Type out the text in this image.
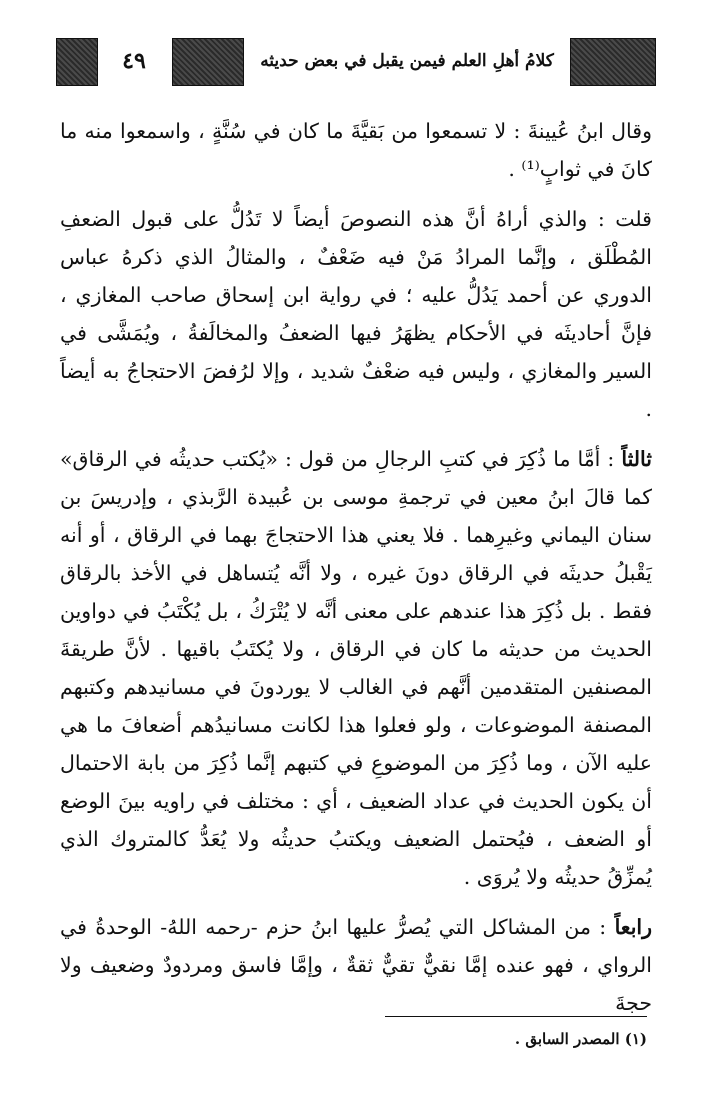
٤٩	كلامُ أهلِ العلم فيمن يقبل في بعض حديثه

وقال ابنُ عُيينةَ : لا تسمعوا من بَقيَّةَ ما كان في سُنَّةٍ ، واسمعوا منه ما كانَ في ثوابٍ⁽¹⁾ .

قلت : والذي أراهُ أنَّ هذه النصوصَ أيضاً لا تَدُلُّ على قبول الضعفِ المُطْلَق ، وإنَّما المرادُ مَنْ فيه ضَعْفٌ ، والمثالُ الذي ذكرهُ عباس الدوري عن أحمد يَدُلُّ عليه ؛ في رواية ابن إسحاق صاحب المغازي ، فإنَّ أحاديثَه في الأحكام يظهَرُ فيها الضعفُ والمخالَفةُ ، ويُمَشَّى في السير والمغازي ، وليس فيه ضعْفٌ شديد ، وإلا لرُفضَ الاحتجاجُ به أيضاً .

ثالثاً : أمَّا ما ذُكِرَ في كتبِ الرجالِ من قول : «يُكتب حديثُه في الرقاق» كما قالَ ابنُ معين في ترجمةِ موسى بن عُبيدة الرَّبذي ، وإدريسَ بن سنان اليماني وغيرِهما . فلا يعني هذا الاحتجاجَ بهما في الرقاق ، أو أنه يَقْبلُ حديثَه في الرقاق دونَ غيره ، ولا أنَّه يُتساهل في الأخذ بالرقاق فقط . بل ذُكِرَ هذا عندهم على معنى أنَّه لا يُتْرَكُ ، بل يُكْتَبُ في دواوين الحديث من حديثه ما كان في الرقاق ، ولا يُكتَبُ باقيها . لأنَّ طريقةَ المصنفين المتقدمين أنَّهم في الغالب لا يوردونَ في مسانيدهم وكتبهم المصنفة الموضوعات ، ولو فعلوا هذا لكانت مسانيدُهم أضعافَ ما هي عليه الآن ، وما ذُكِرَ من الموضوعِ في كتبهم إنَّما ذُكِرَ من بابة الاحتمال أن يكون الحديث في عداد الضعيف ، أي : مختلف في راويه بينَ الوضع أو الضعف ، فيُحتمل الضعيف ويكتبُ حديثُه ولا يُعَدُّ كالمتروك الذي يُمزِّقُ حديثُه ولا يُروَى .

رابعاً : من المشاكل التي يُصرُّ عليها ابنُ حزم -رحمه اللهُ- الوحدةُ في الرواي ، فهو عنده إمَّا نقيٌّ تقيٌّ ثقةٌ ، وإمَّا فاسق ومردودٌ وضعيف ولا حجةَ

(١) المصدر السابق .
